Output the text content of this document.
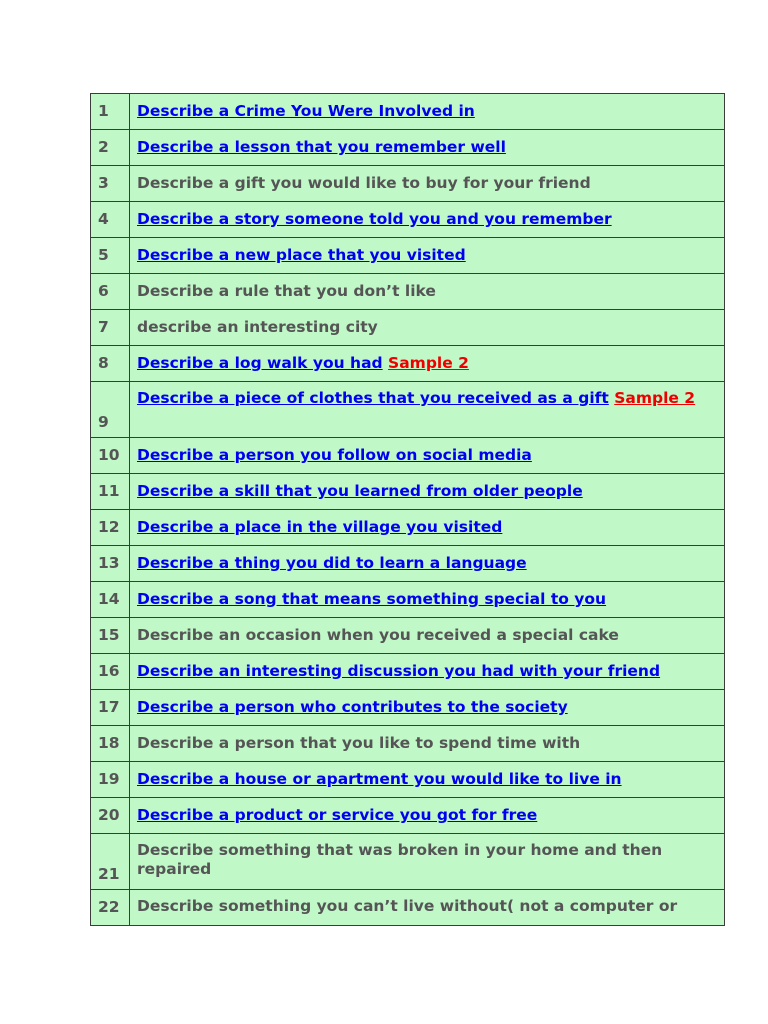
1	Describe a Crime You Were Involved in
2	Describe a lesson that you remember well
3	Describe a gift you would like to buy for your friend
4	Describe a story someone told you and you remember
5	Describe a new place that you visited
6	Describe a rule that you don’t like
7	describe an interesting city
8	Describe a log walk you had Sample 2
9	Describe a piece of clothes that you received as a gift Sample 2
10	Describe a person you follow on social media
11	Describe a skill that you learned from older people
12	Describe a place in the village you visited
13	Describe a thing you did to learn a language
14	Describe a song that means something special to you
15	Describe an occasion when you received a special cake
16	Describe an interesting discussion you had with your friend
17	Describe a person who contributes to the society
18	Describe a person that you like to spend time with
19	Describe a house or apartment you would like to live in
20	Describe a product or service you got for free
21	Describe something that was broken in your home and then repaired
22	Describe something you can’t live without( not a computer or
